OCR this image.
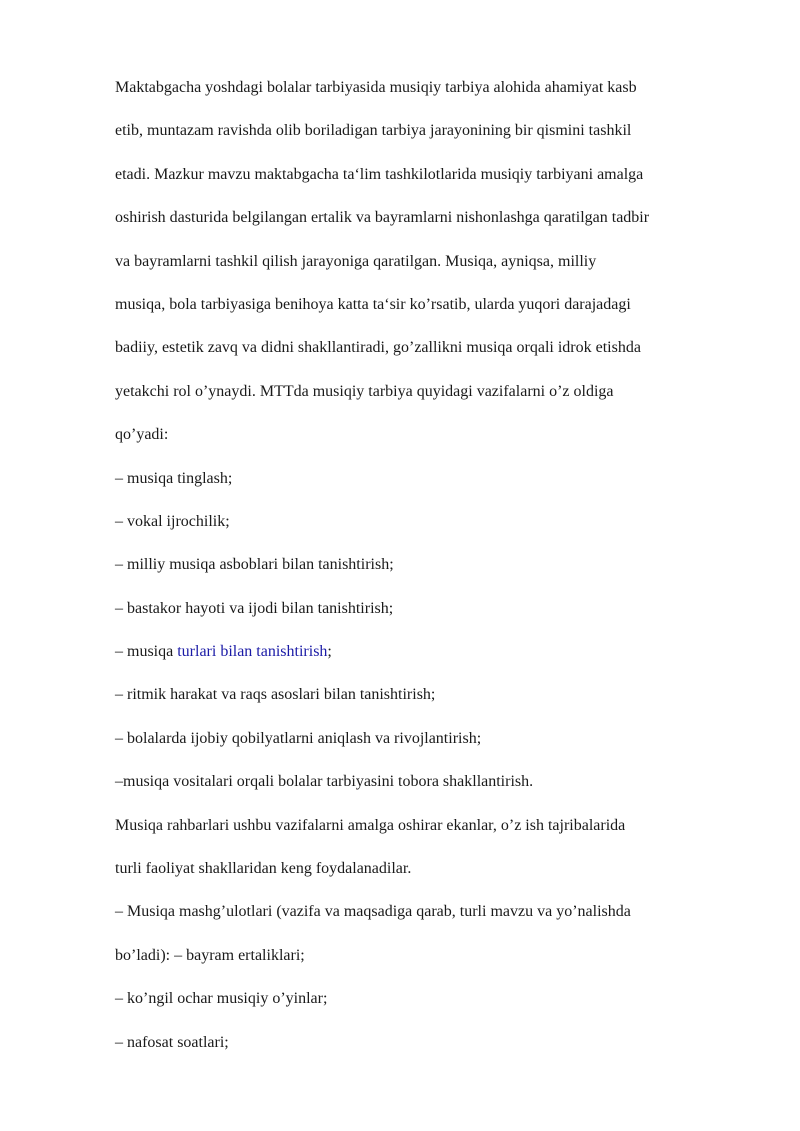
Maktabgacha yoshdagi bolalar tarbiyasida musiqiy tarbiya alohida ahamiyat kasb
etib, muntazam ravishda olib boriladigan tarbiya jarayonining bir qismini tashkil
etadi. Mazkur mavzu maktabgacha ta‘lim tashkilotlarida musiqiy tarbiyani amalga
oshirish dasturida belgilangan ertalik va bayramlarni nishonlashga qaratilgan tadbir
va bayramlarni tashkil qilish jarayoniga qaratilgan. Musiqa, ayniqsa, milliy
musiqa, bola tarbiyasiga benihoya katta ta‘sir ko’rsatib, ularda yuqori darajadagi
badiiy, estetik zavq va didni shakllantiradi, go’zallikni musiqa orqali idrok etishda
yetakchi rol o’ynaydi. MTTda musiqiy tarbiya quyidagi vazifalarni o’z oldiga
qo’yadi:
– musiqa tinglash;
– vokal ijrochilik;
– milliy musiqa asboblari bilan tanishtirish;
– bastakor hayoti va ijodi bilan tanishtirish;
– musiqa turlari bilan tanishtirish;
– ritmik harakat va raqs asoslari bilan tanishtirish;
– bolalarda ijobiy qobilyatlarni aniqlash va rivojlantirish;
–musiqa vositalari orqali bolalar tarbiyasini tobora shakllantirish.
Musiqa rahbarlari ushbu vazifalarni amalga oshirar ekanlar, o’z ish tajribalarida
turli faoliyat shakllaridan keng foydalanadilar.
– Musiqa mashg’ulotlari (vazifa va maqsadiga qarab, turli mavzu va yo’nalishda
bo’ladi): – bayram ertaliklari;
– ko’ngil ochar musiqiy o’yinlar;
– nafosat soatlari;
